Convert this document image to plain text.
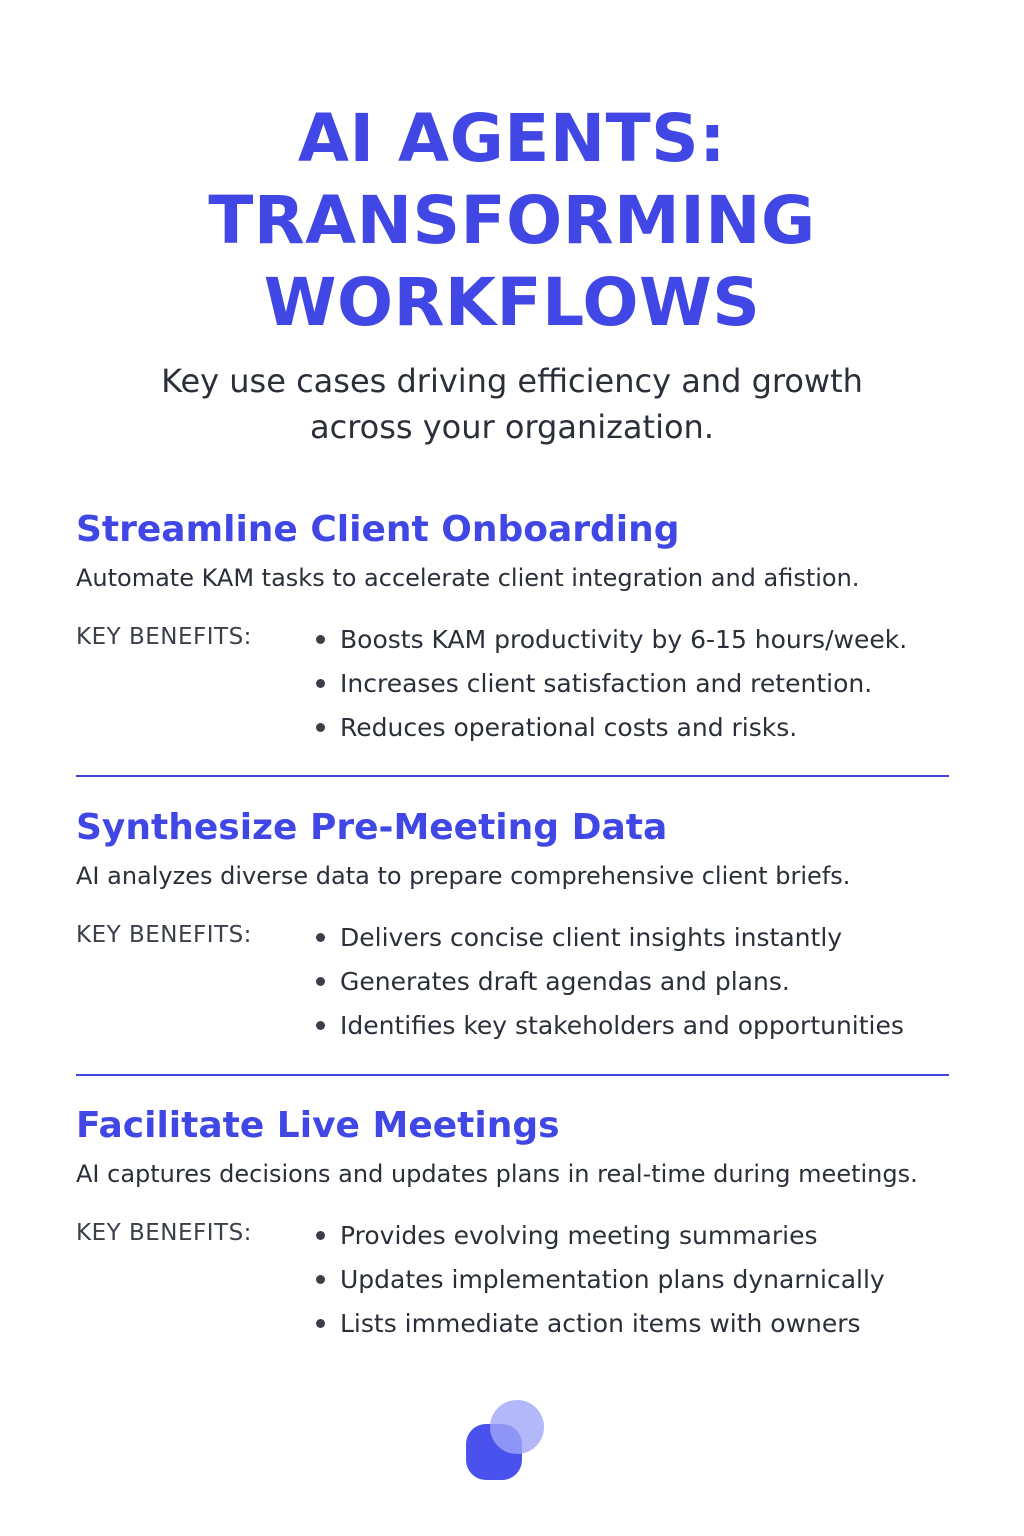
AI AGENTS:
TRANSFORMING
WORKFLOWS
Key use cases driving efficiency and growth
across your organization.
Streamline Client Onboarding
Automate KAM tasks to accelerate client integration and afistion.
KEY BENEFITS:	Boosts KAM productivity by 6-15 hours/week.
Increases client satisfaction and retention.
Reduces operational costs and risks.
Synthesize Pre-Meeting Data
AI analyzes diverse data to prepare comprehensive client briefs.
KEY BENEFITS:	Delivers concise client insights instantly
Generates draft agendas and plans.
Identifies key stakeholders and opportunities
Facilitate Live Meetings
AI captures decisions and updates plans in real-time during meetings.
KEY BENEFITS:	Provides evolving meeting summaries
Updates implementation plans dynarnically
Lists immediate action items with owners
